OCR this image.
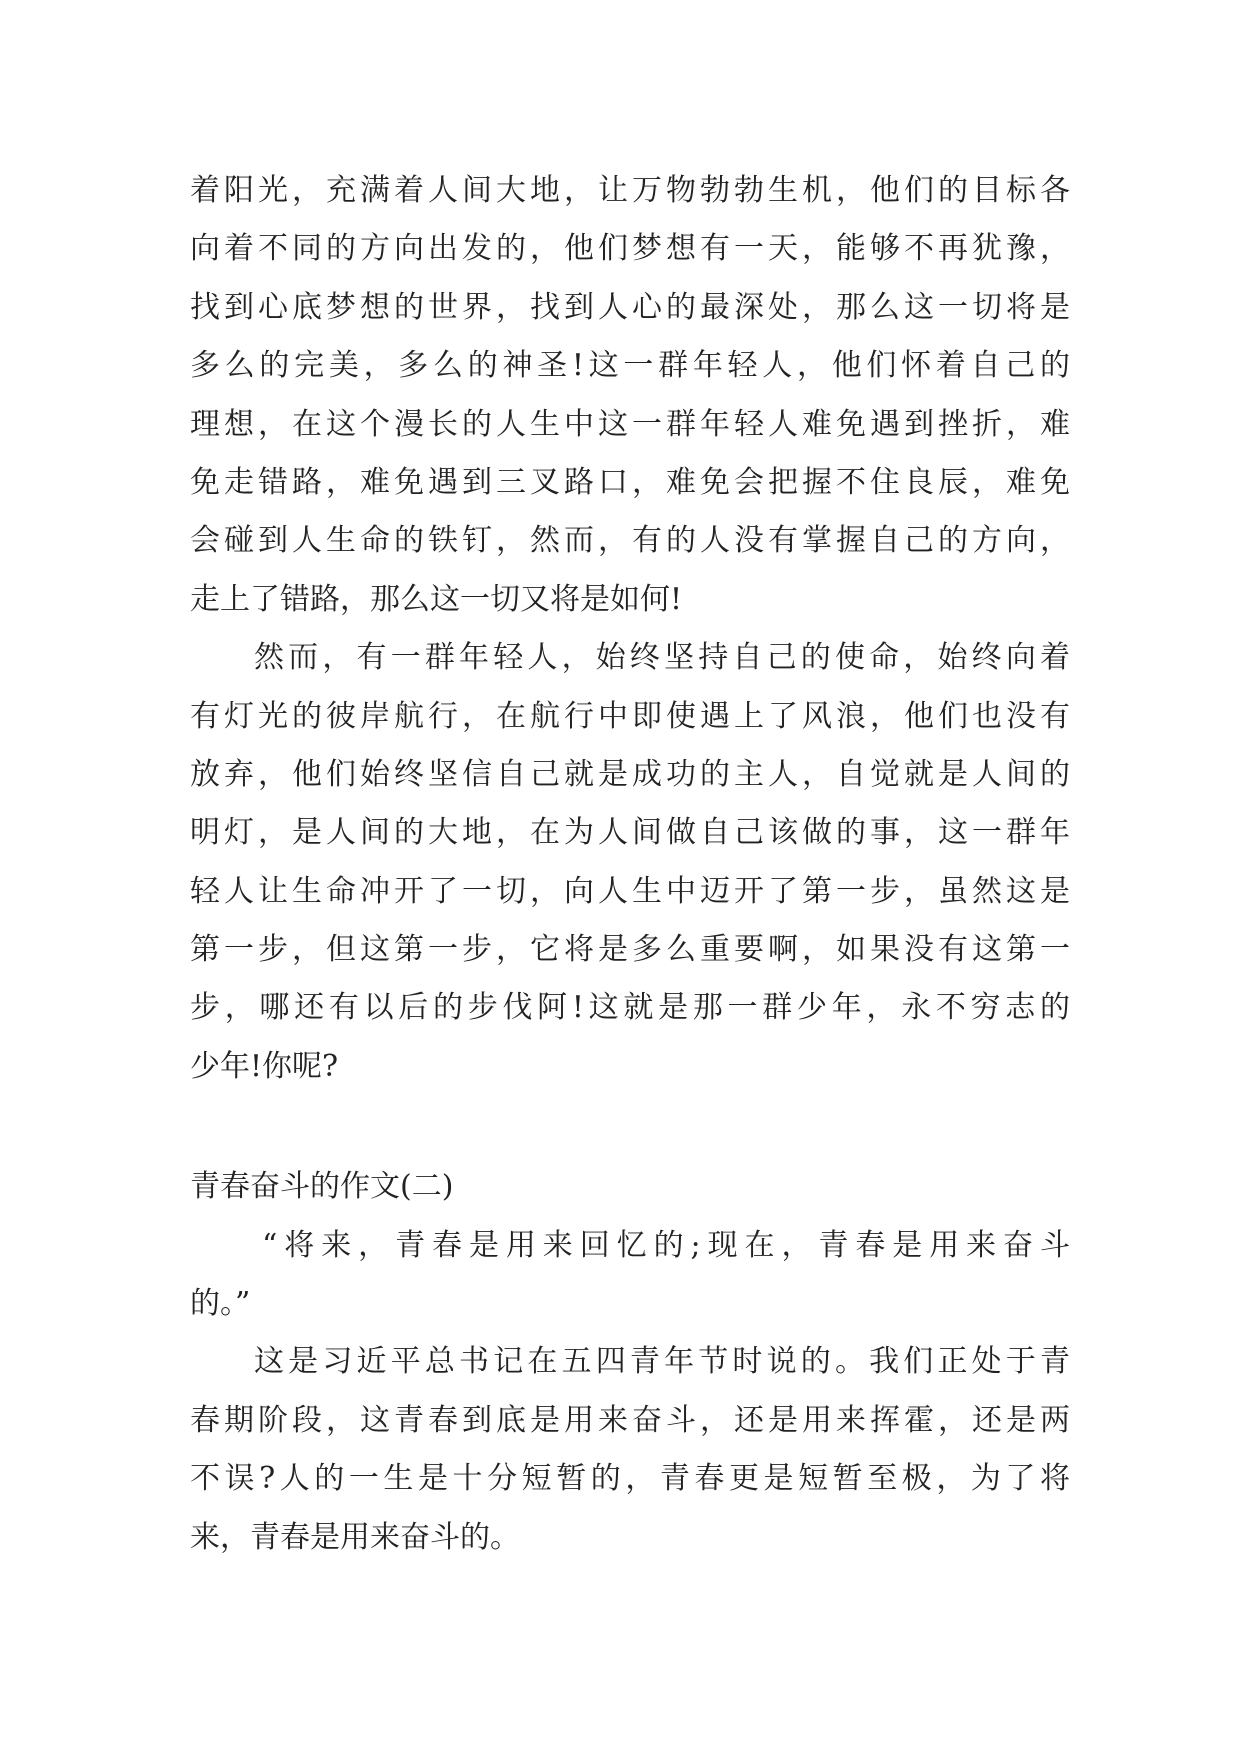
着阳光，充满着人间大地，让万物勃勃生机，他们的目标各
向着不同的方向出发的，他们梦想有一天，能够不再犹豫，
找到心底梦想的世界，找到人心的最深处，那么这一切将是
多么的完美，多么的神圣!这一群年轻人，他们怀着自己的
理想，在这个漫长的人生中这一群年轻人难免遇到挫折，难
免走错路，难免遇到三叉路口，难免会把握不住良辰，难免
会碰到人生命的铁钉，然而，有的人没有掌握自己的方向，
走上了错路，那么这一切又将是如何!
然而，有一群年轻人，始终坚持自己的使命，始终向着
有灯光的彼岸航行，在航行中即使遇上了风浪，他们也没有
放弃，他们始终坚信自己就是成功的主人，自觉就是人间的
明灯，是人间的大地，在为人间做自己该做的事，这一群年
轻人让生命冲开了一切，向人生中迈开了第一步，虽然这是
第一步，但这第一步，它将是多么重要啊，如果没有这第一
步，哪还有以后的步伐阿!这就是那一群少年，永不穷志的
少年!你呢?
青春奋斗的作文(二)
“将来，青春是用来回忆的;现在，青春是用来奋斗
的。”
这是习近平总书记在五四青年节时说的。我们正处于青
春期阶段，这青春到底是用来奋斗，还是用来挥霍，还是两
不误?人的一生是十分短暂的，青春更是短暂至极，为了将
来，青春是用来奋斗的。
